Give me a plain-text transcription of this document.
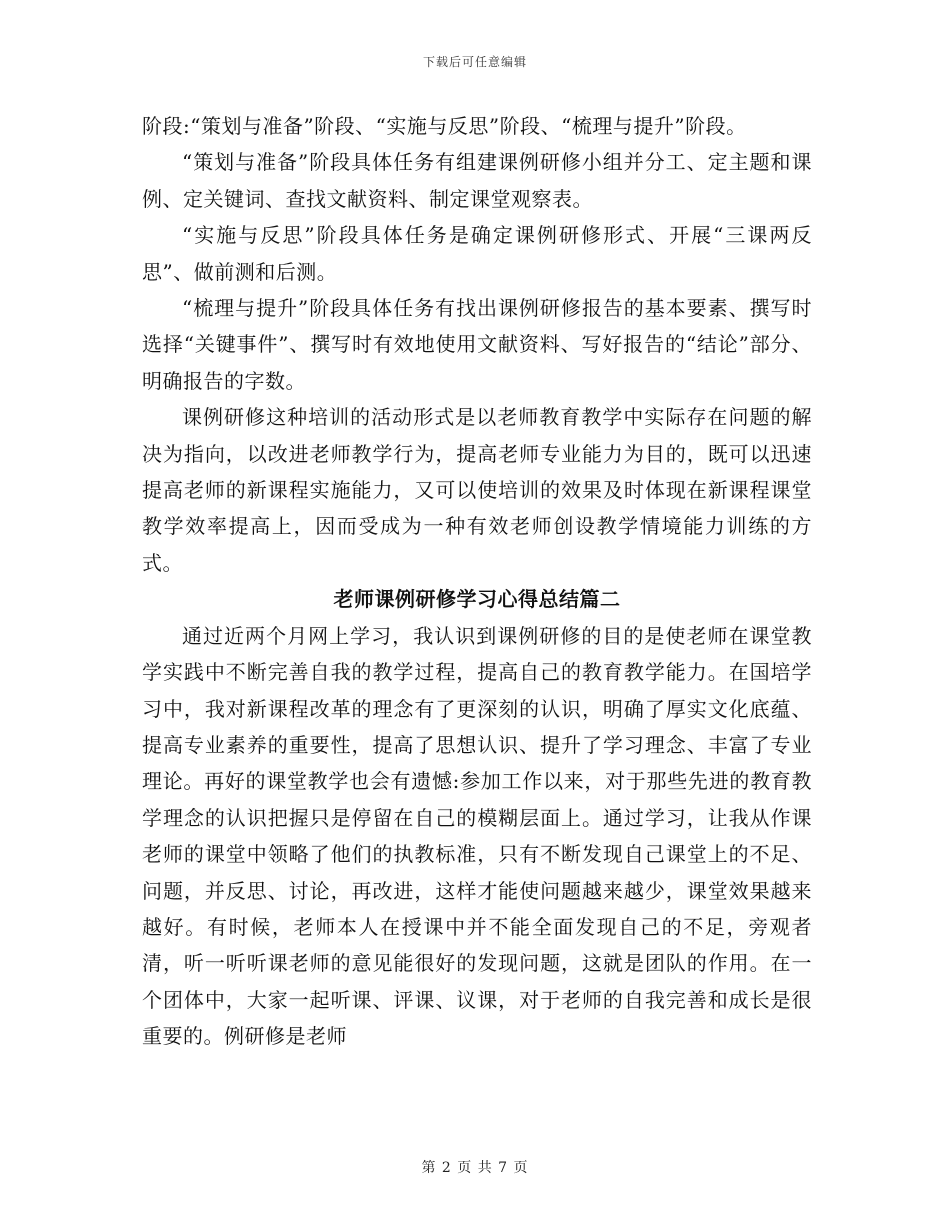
下载后可任意编辑

阶段:“策划与准备”阶段、“实施与反思”阶段、“梳理与提升”阶段。

“策划与准备”阶段具体任务有组建课例研修小组并分工、定主题和课例、定关键词、查找文献资料、制定课堂观察表。

“实施与反思”阶段具体任务是确定课例研修形式、开展“三课两反思”、做前测和后测。

“梳理与提升”阶段具体任务有找出课例研修报告的基本要素、撰写时选择“关键事件”、撰写时有效地使用文献资料、写好报告的“结论”部分、明确报告的字数。

课例研修这种培训的活动形式是以老师教育教学中实际存在问题的解决为指向，以改进老师教学行为，提高老师专业能力为目的，既可以迅速提高老师的新课程实施能力，又可以使培训的效果及时体现在新课程课堂教学效率提高上，因而受成为一种有效老师创设教学情境能力训练的方式。

老师课例研修学习心得总结篇二

通过近两个月网上学习，我认识到课例研修的目的是使老师在课堂教学实践中不断完善自我的教学过程，提高自己的教育教学能力。在国培学习中，我对新课程改革的理念有了更深刻的认识，明确了厚实文化底蕴、提高专业素养的重要性，提高了思想认识、提升了学习理念、丰富了专业理论。再好的课堂教学也会有遗憾:参加工作以来，对于那些先进的教育教学理念的认识把握只是停留在自己的模糊层面上。通过学习，让我从作课老师的课堂中领略了他们的执教标准，只有不断发现自己课堂上的不足、问题，并反思、讨论，再改进，这样才能使问题越来越少，课堂效果越来越好。有时候，老师本人在授课中并不能全面发现自己的不足，旁观者清，听一听听课老师的意见能很好的发现问题，这就是团队的作用。在一个团体中，大家一起听课、评课、议课，对于老师的自我完善和成长是很重要的。例研修是老师

第 2 页 共 7 页
